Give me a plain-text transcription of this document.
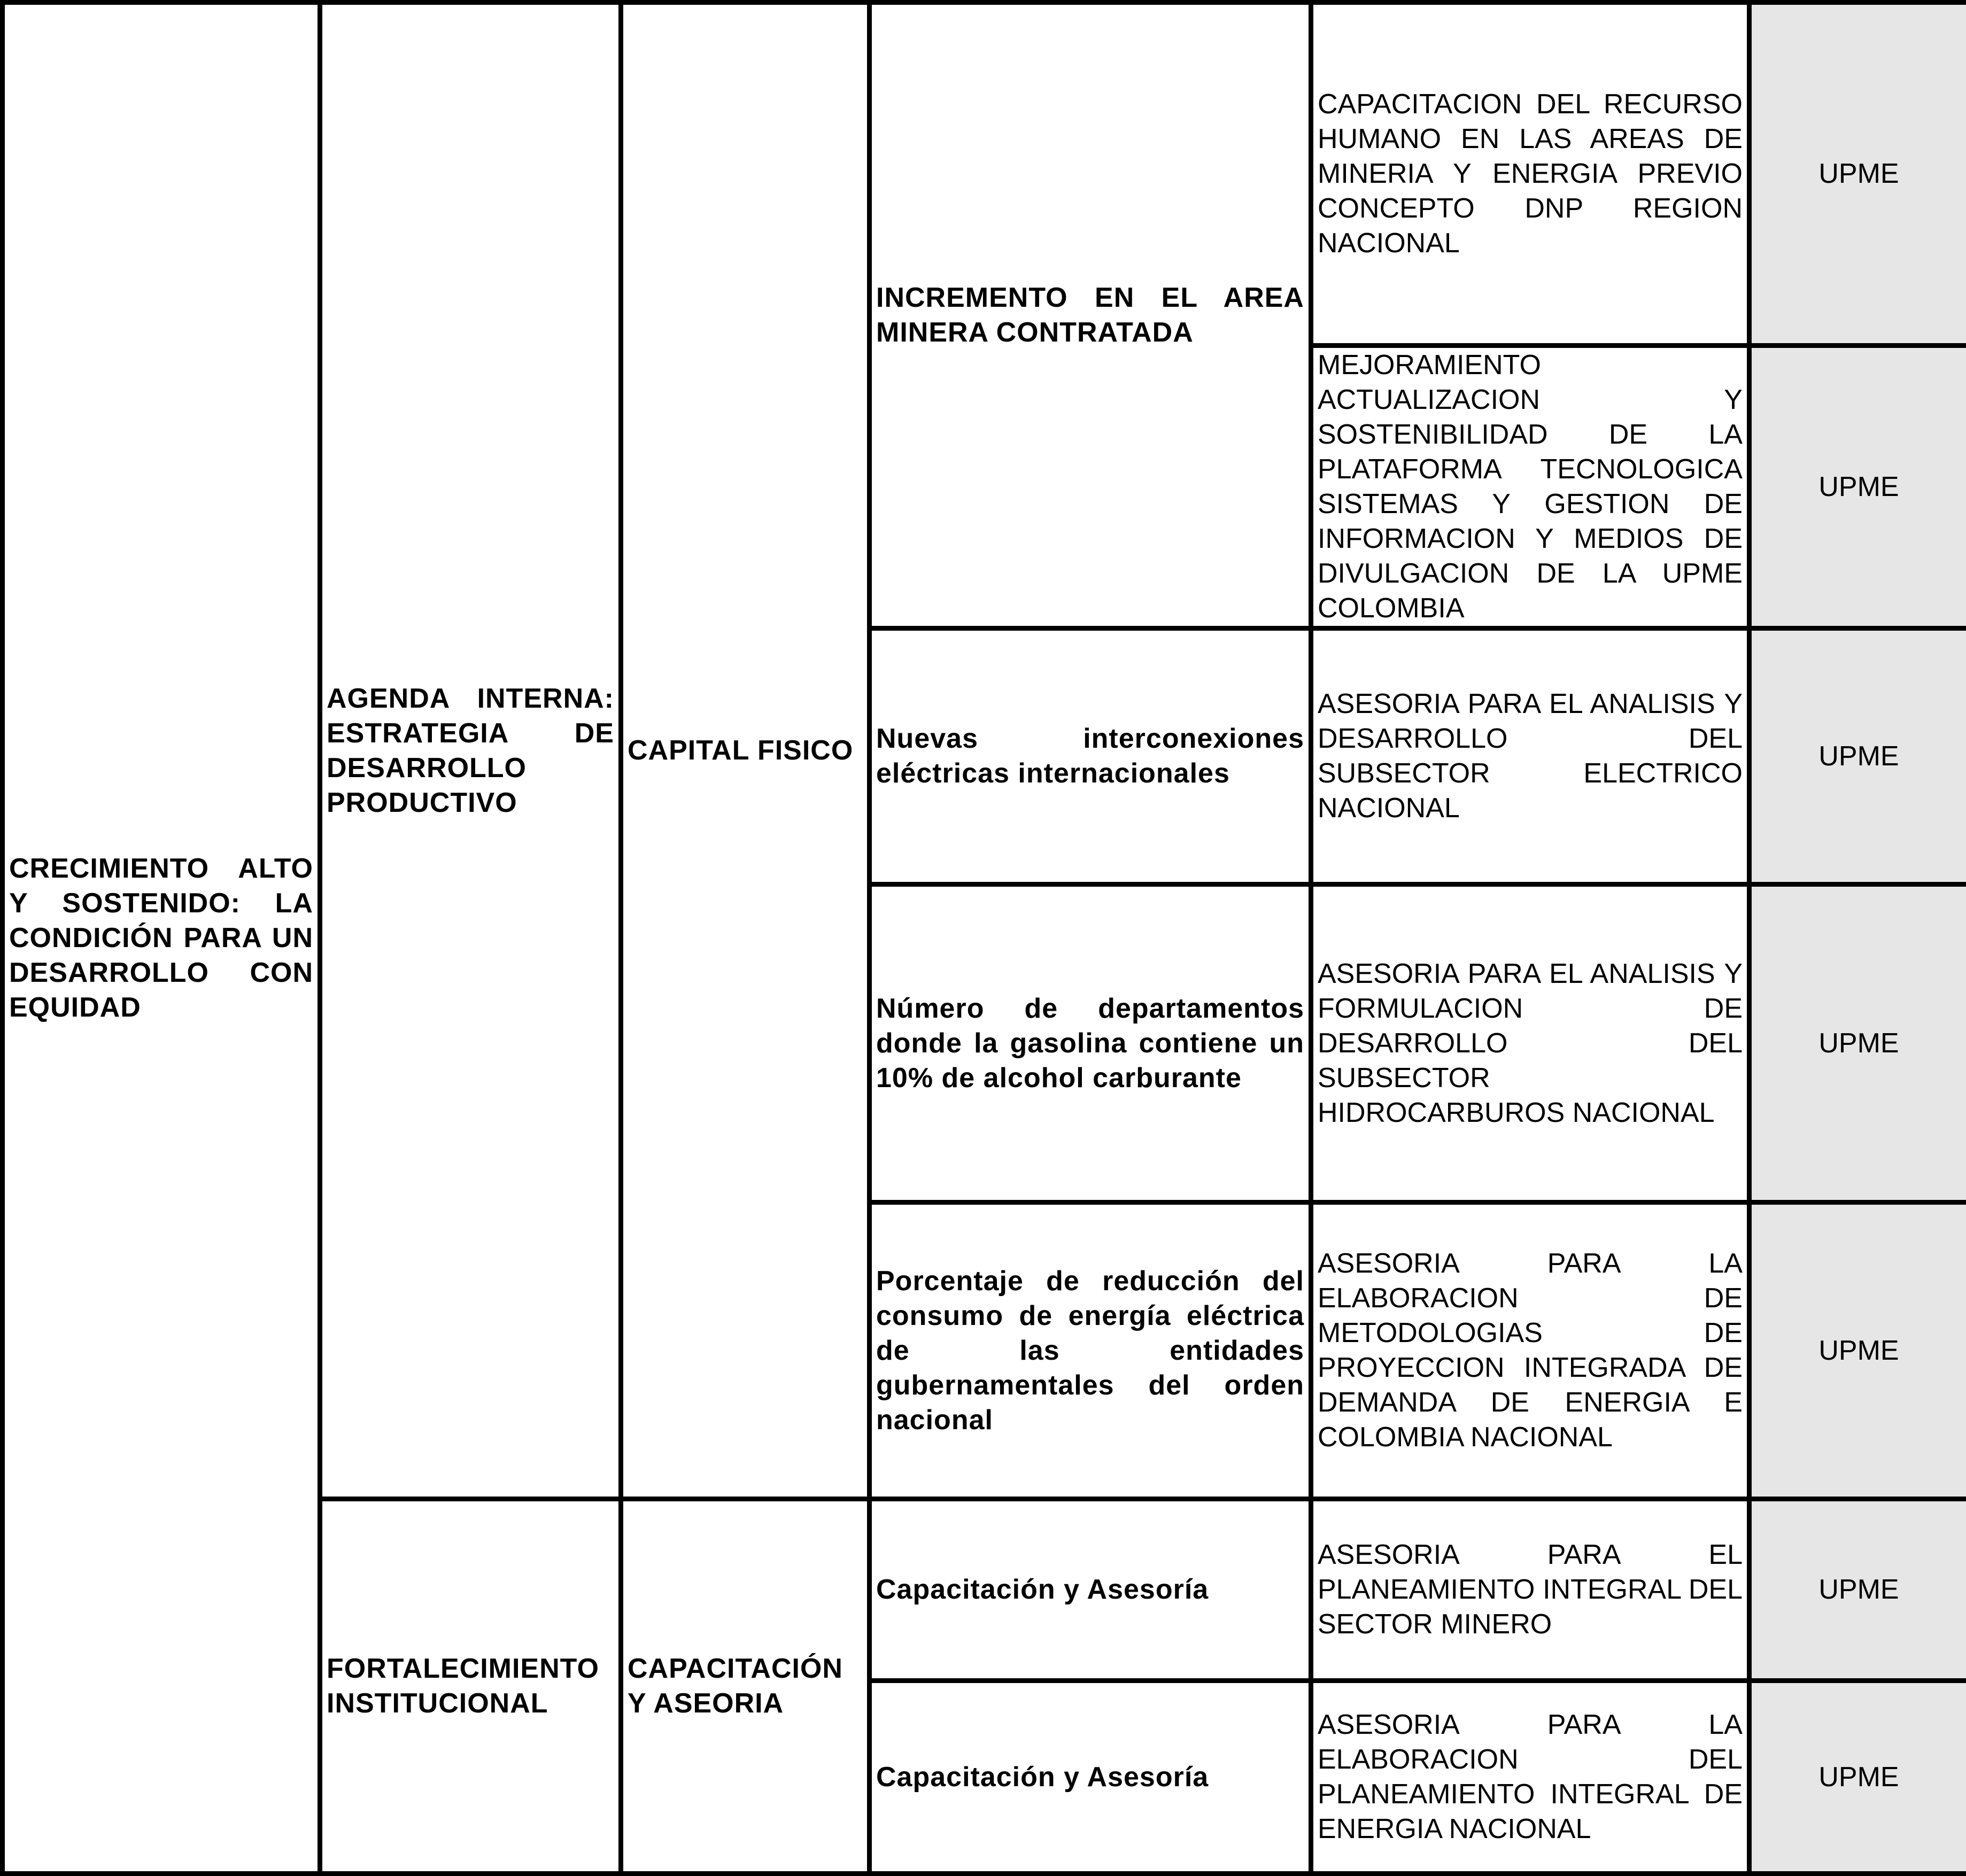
CRECIMIENTO ALTO Y SOSTENIDO: LA CONDICIÓN PARA UN DESARROLLO CON EQUIDAD	AGENDA INTERNA: ESTRATEGIA DE DESARROLLO PRODUCTIVO	CAPITAL FISICO	INCREMENTO EN EL AREA MINERA CONTRATADA	CAPACITACION DEL RECURSO HUMANO EN LAS AREAS DE MINERIA Y ENERGIA PREVIO CONCEPTO DNP REGION NACIONAL	UPME
				MEJORAMIENTO ACTUALIZACION Y SOSTENIBILIDAD DE LA PLATAFORMA TECNOLOGICA SISTEMAS Y GESTION DE INFORMACION Y MEDIOS DE DIVULGACION DE LA UPME COLOMBIA	UPME
			Nuevas interconexiones eléctricas internacionales	ASESORIA PARA EL ANALISIS Y DESARROLLO DEL SUBSECTOR ELECTRICO NACIONAL	UPME
			Número de departamentos donde la gasolina contiene un 10% de alcohol carburante	ASESORIA PARA EL ANALISIS Y FORMULACION DE DESARROLLO DEL SUBSECTOR HIDROCARBUROS NACIONAL	UPME
			Porcentaje de reducción del consumo de energía eléctrica de las entidades gubernamentales del orden nacional	ASESORIA PARA LA ELABORACION DE METODOLOGIAS DE PROYECCION INTEGRADA DE DEMANDA DE ENERGIA E COLOMBIA NACIONAL	UPME

	FORTALECIMIENTO INSTITUCIONAL	CAPACITACIÓN Y ASEORIA	Capacitación y Asesoría	ASESORIA PARA EL PLANEAMIENTO INTEGRAL DEL SECTOR MINERO	UPME
			Capacitación y Asesoría	ASESORIA PARA LA ELABORACION DEL PLANEAMIENTO INTEGRAL DE ENERGIA NACIONAL	UPME
